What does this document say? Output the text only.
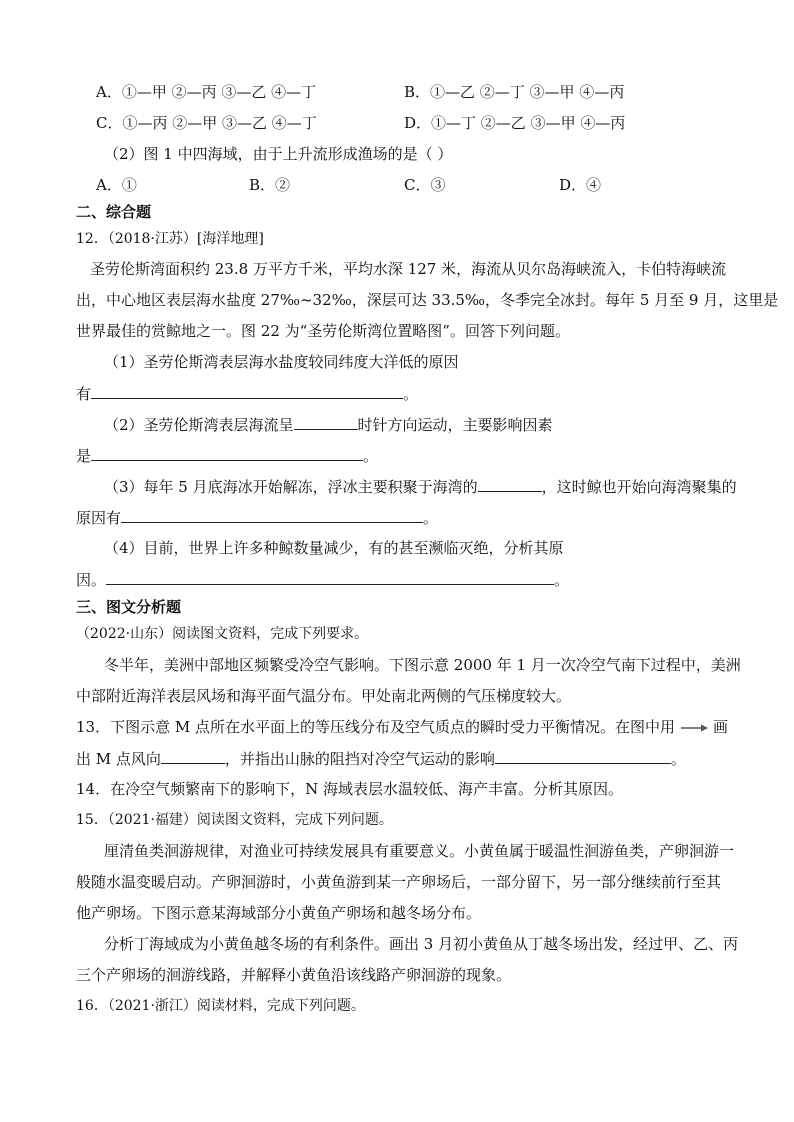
A．①—甲 ②—丙 ③—乙 ④—丁	B．①—乙 ②—丁 ③—甲 ④—丙
C．①—丙 ②—甲 ③—乙 ④—丁	D．①—丁 ②—乙 ③—甲 ④—丙
（2）图 1 中四海域，由于上升流形成渔场的是（ ）
A．①	B．②	C．③	D．④
二、综合题
12．（2018·江苏）[海洋地理]
圣劳伦斯湾面积约 23.8 万平方千米，平均水深 127 米，海流从贝尔岛海峡流入，卡伯特海峡流
出，中心地区表层海水盐度 27‰~32‰，深层可达 33.5‰，冬季完全冰封。每年 5 月至 9 月，这里是
世界最佳的赏鲸地之一。图 22 为“圣劳伦斯湾位置略图”。回答下列问题。
（1）圣劳伦斯湾表层海水盐度较同纬度大洋低的原因
有	。
（2）圣劳伦斯湾表层海流呈	时针方向运动，主要影响因素
是	。
（3）每年 5 月底海冰开始解冻，浮冰主要积聚于海湾的	，这时鲸也开始向海湾聚集的
原因有	。
（4）目前，世界上许多种鲸数量减少，有的甚至濒临灭绝，分析其原
因。	。
三、图文分析题
（2022·山东）阅读图文资料，完成下列要求。
冬半年，美洲中部地区频繁受冷空气影响。下图示意 2000 年 1 月一次冷空气南下过程中，美洲
中部附近海洋表层风场和海平面气温分布。甲处南北两侧的气压梯度较大。
13．下图示意 M 点所在水平面上的等压线分布及空气质点的瞬时受力平衡情况。在图中用	画
出 M 点风向	，并指出山脉的阻挡对冷空气运动的影响	。
14．在冷空气频繁南下的影响下，N 海域表层水温较低、海产丰富。分析其原因。
15．（2021·福建）阅读图文资料，完成下列问题。
厘清鱼类洄游规律，对渔业可持续发展具有重要意义。小黄鱼属于暖温性洄游鱼类，产卵洄游一
般随水温变暖启动。产卵洄游时，小黄鱼游到某一产卵场后，一部分留下，另一部分继续前行至其
他产卵场。下图示意某海域部分小黄鱼产卵场和越冬场分布。
分析丁海域成为小黄鱼越冬场的有利条件。画出 3 月初小黄鱼从丁越冬场出发，经过甲、乙、丙
三个产卵场的洄游线路，并解释小黄鱼沿该线路产卵洄游的现象。
16．（2021·浙江）阅读材料，完成下列问题。
